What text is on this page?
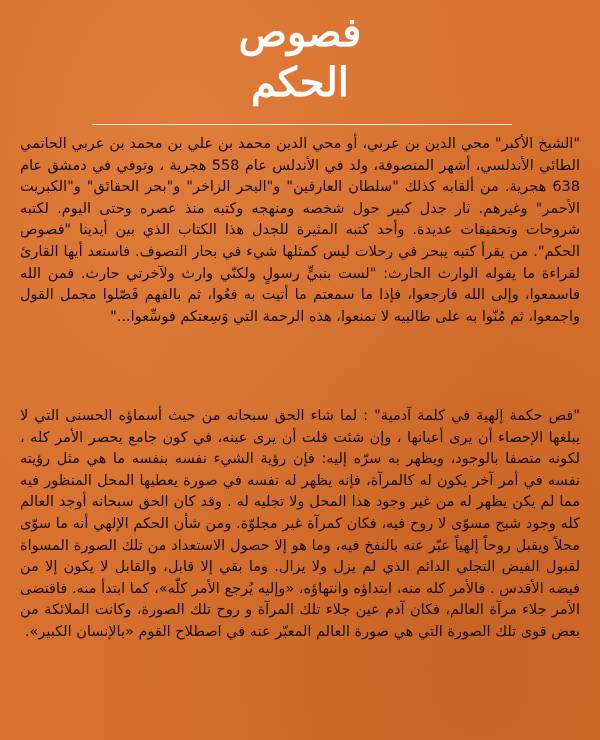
فصوص
الحكم

"الشيخ الأكبر" محي الدين بن عربي، أو محي الدين محمد بن علي بن محمد بن عربي الحاتمي الطائي الأندلسي، أشهر المتصوفة، ولد في الأندلس عام 558 هجرية ، وتوفي في دمشق عام 638 هجرية. من ألقابه كذلك "سلطان العارفين" و"البحر الزاخر" و"بحر الحقائق" و"الكبريت الأحمر" وغيرهم. ثار جدل كبير حول شخصه ومنهجه وكتبه منذ عصره وحتى اليوم. لكتبه شروحات وتحقيقات عديدة. وأحد كتبه المثيرة للجدل هذا الكتاب الذي بين أيدينا "فصوص الحكم". من يقرأ كتبه يبحر في رحلات ليس كمثلها شيء في بحار التصوف. فاستعد أيها القارئ لقراءة ما يقوله الوارث الحارث: "لست بنبيٍّ رسولٍ ولكنّي وارث ولآخرتي حارث. فمن الله فاسمعوا، وإلى الله فارجعوا، فإذا ما سمعتم ما أتيت به فعُوا، ثم بالفهم فَصّلوا مجمل القول واجمعوا، ثم مُنّوا به على طالبيه لا تمنعوا، هذه الرحمة التي وَسِعتكم فوسِّعوا..."

"فص حكمة إلهية في كلمة آدمية" : لما شاء الحق سبحانه من حيث أسماؤه الحسنى التي لا يبلغها الإحصاء أن يرى أعيانها ، وإن شئت قلت أن يرى عينه، في كون جامع يحصر الأمر كله ، لكونه متصفا بالوجود، ويظهر به سرّه إليه: فإن رؤية الشيء نفسه بنفسه ما هي مثل رؤيته نفسه في أمر آخر يكون له كالمرآة، فإنه يظهر له نفسه في صورة يعطيها المحل المنظور فيه مما لم يكن يظهر له من غير وجود هذا المحل ولا تجليه له . وقد كان الحق سبحانه أوجد العالم كله وجود شبح مسوّى لا روح فيه، فكان كمرآة غير مجلوّة. ومن شأن الحكم الإلهي أنه ما سوّى محلاً ويقبل روحاً إلهياً عبّر عنه بالنفخ فيه، وما هو إلا حصول الاستعداد من تلك الصورة المسواة لقبول الفيض التجلي الدائم الذي لم يزل ولا يزال. وما بقي إلا قابل، والقابل لا يكون إلا من فيضه الأقدس . فالأمر كله منه، ابتداؤه وانتهاؤه، «وإليه يُرجع الأمر كلّه»، كما ابتدأ منه. فاقتضى الأمر جلاء مرآة العالم، فكان آدم عين جلاء تلك المرآة و روح تلك الصورة، وكانت الملائكة من بعض قوى تلك الصورة التي هي صورة العالم المعبّر عنه في اصطلاح القوم «بالإنسان الكبير».
